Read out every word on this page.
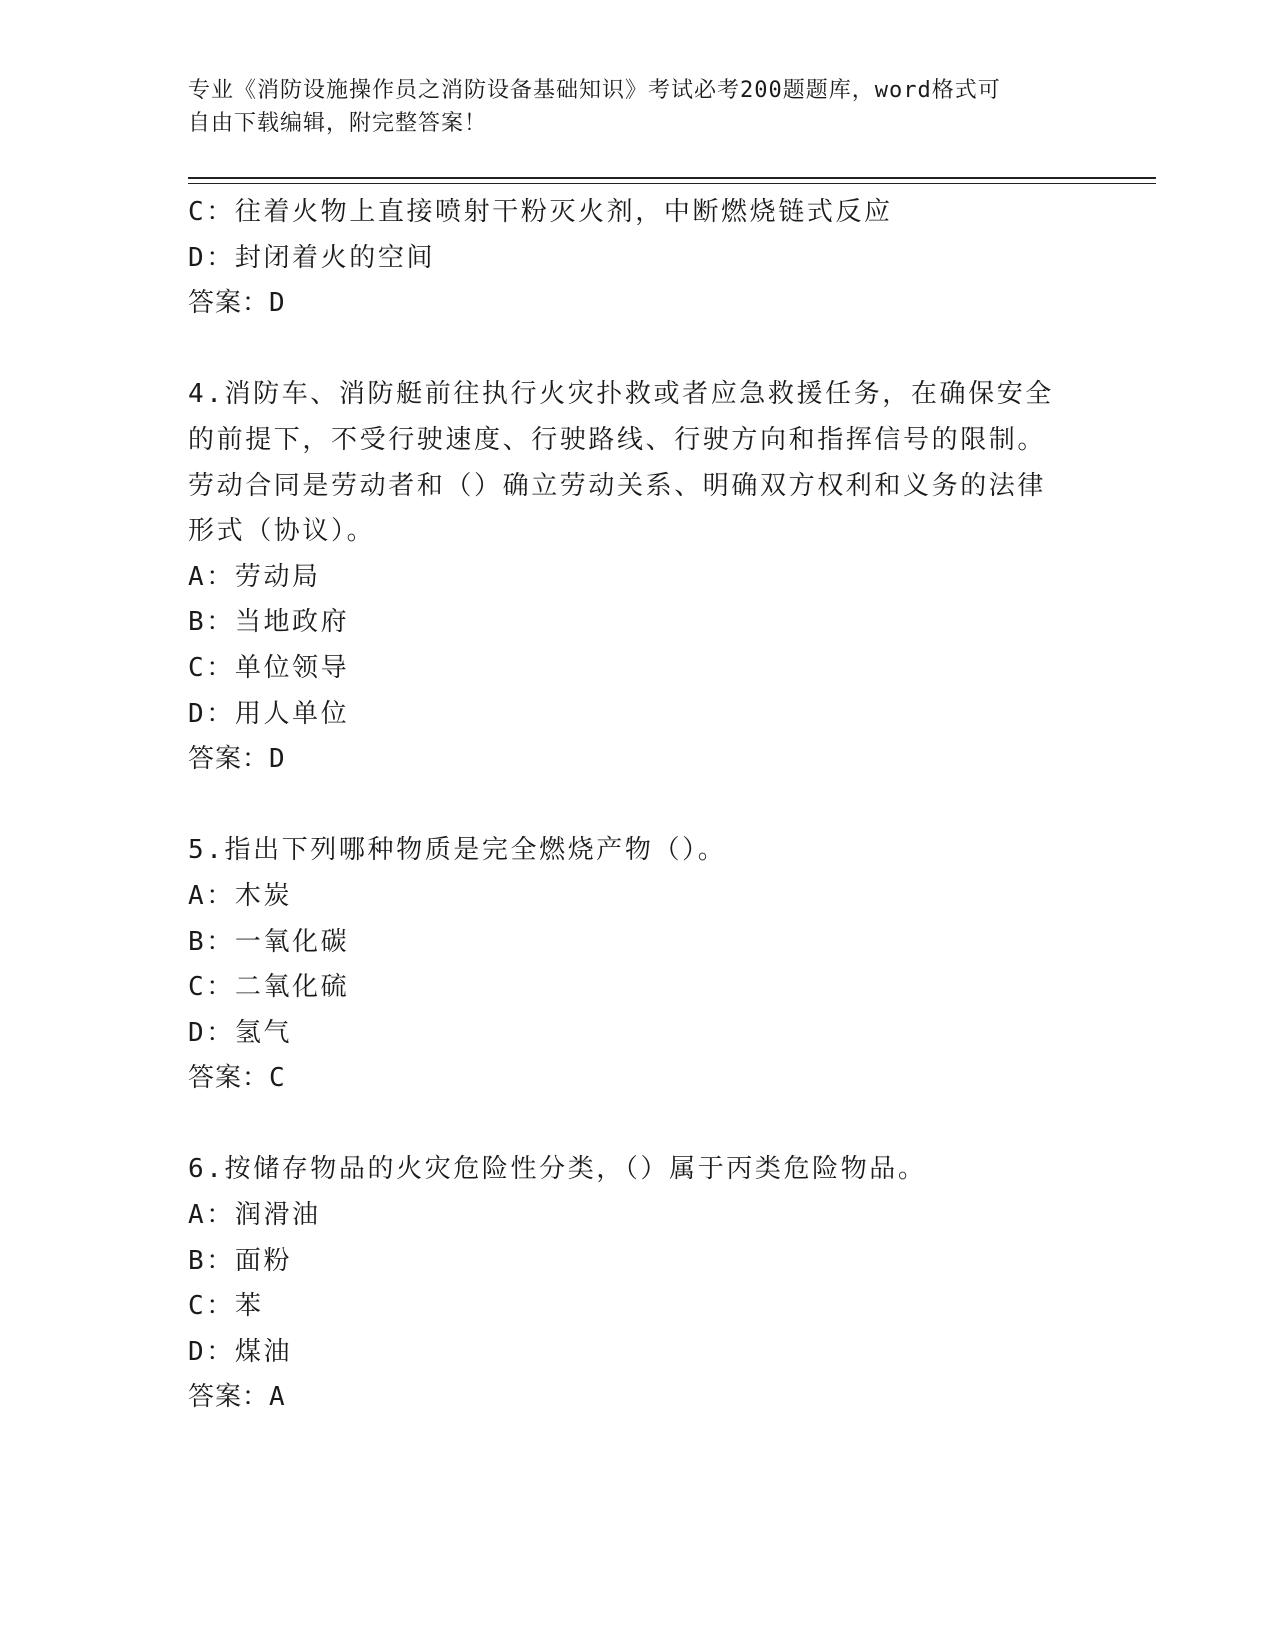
专业《消防设施操作员之消防设备基础知识》考试必考200题题库，word格式可
自由下载编辑，附完整答案！
C：往着火物上直接喷射干粉灭火剂，中断燃烧链式反应
D：封闭着火的空间
答案：D
4.消防车、消防艇前往执行火灾扑救或者应急救援任务，在确保安全
的前提下，不受行驶速度、行驶路线、行驶方向和指挥信号的限制。
劳动合同是劳动者和（）确立劳动关系、明确双方权利和义务的法律
形式（协议）。
A：劳动局
B：当地政府
C：单位领导
D：用人单位
答案：D
5.指出下列哪种物质是完全燃烧产物（）。
A：木炭
B：一氧化碳
C：二氧化硫
D：氢气
答案：C
6.按储存物品的火灾危险性分类，（）属于丙类危险物品。
A：润滑油
B：面粉
C：苯
D：煤油
答案：A
